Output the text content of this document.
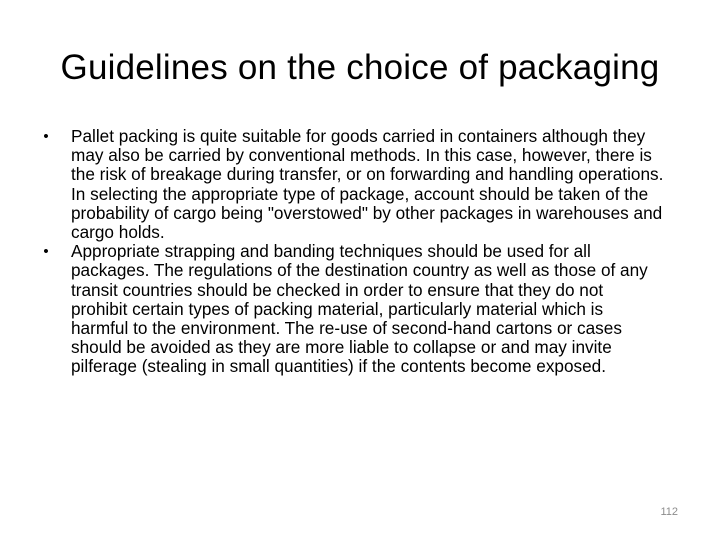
Guidelines on the choice of packaging
•	Pallet packing is quite suitable for goods carried in containers although they may also be carried by conventional methods. In this case, however, there is the risk of breakage during transfer, or on forwarding and handling operations. In selecting the appropriate type of package, account should be taken of the probability of cargo being "overstowed" by other packages in warehouses and cargo holds.
•	Appropriate strapping and banding techniques should be used for all packages. The regulations of the destination country as well as those of any transit countries should be checked in order to ensure that they do not prohibit certain types of packing material, particularly material which is harmful to the environment. The re-use of second-hand cartons or cases should be avoided as they are more liable to collapse or and may invite pilferage (stealing in small quantities) if the contents become exposed.
112
